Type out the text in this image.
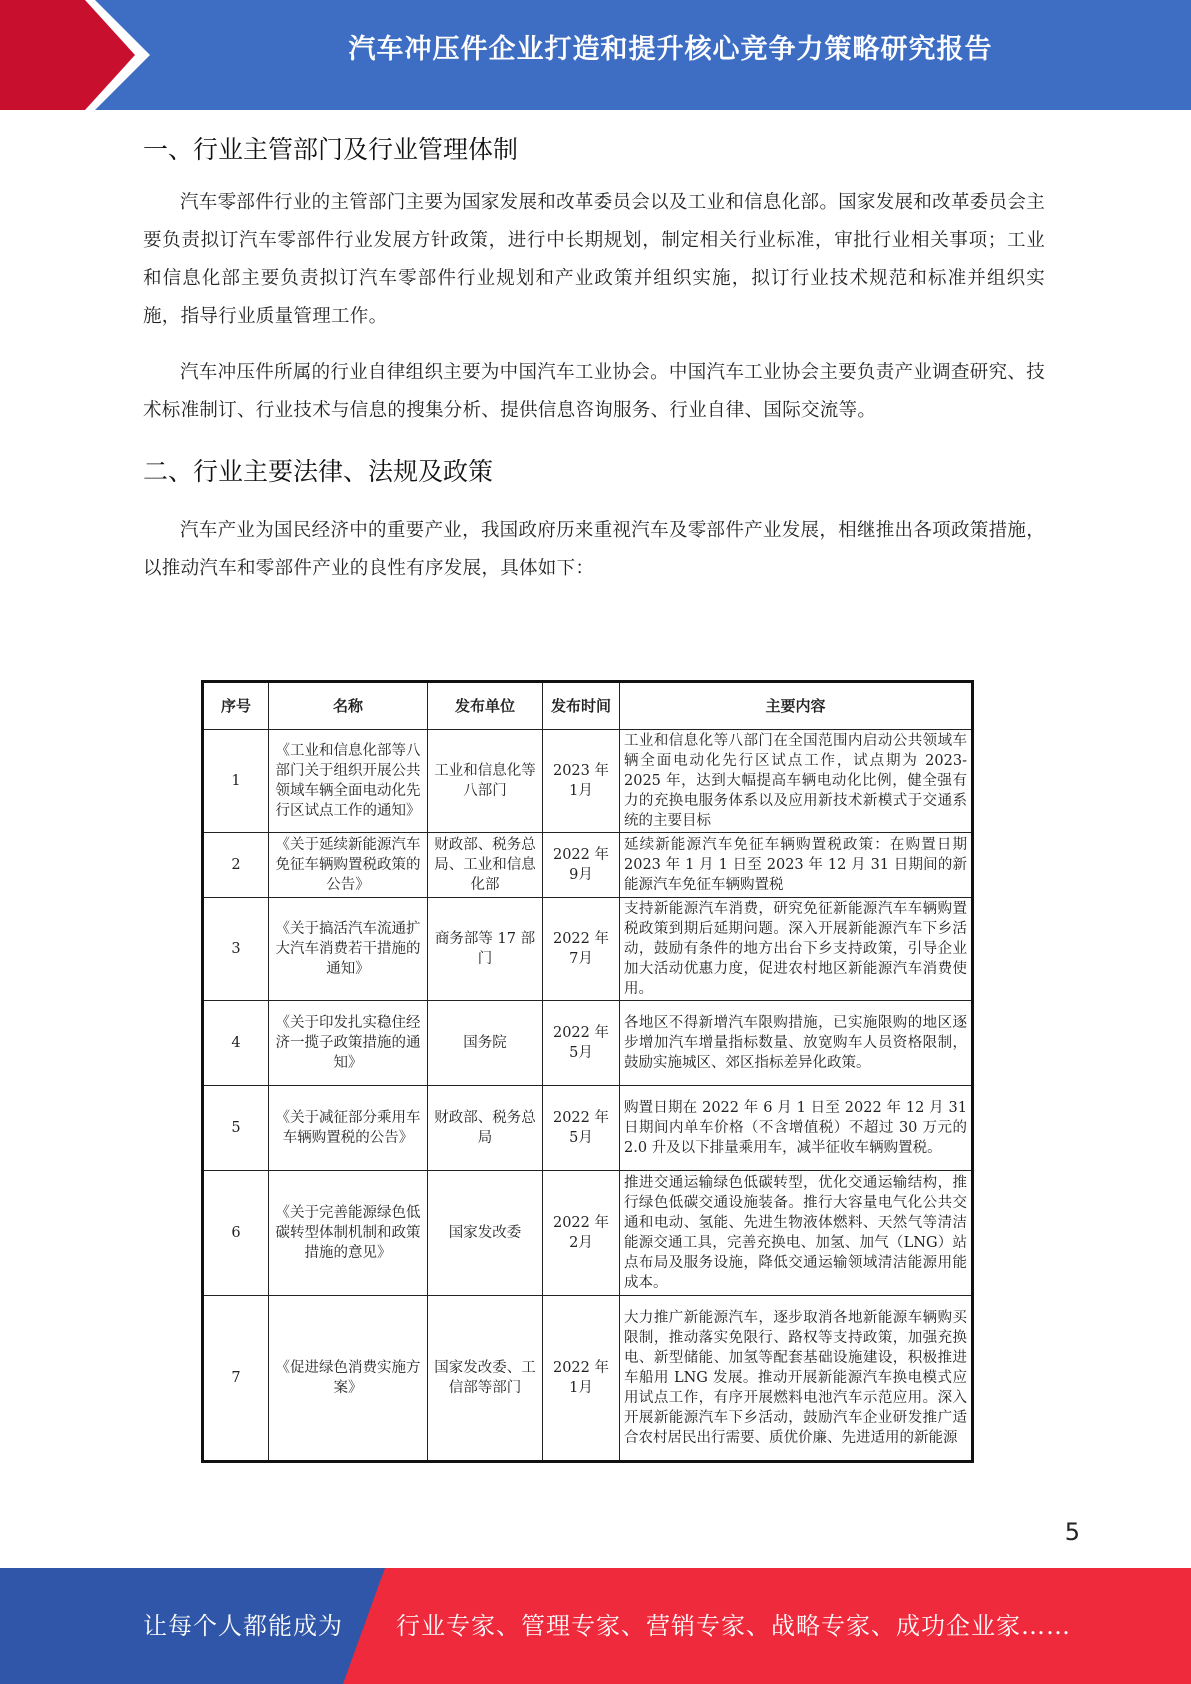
汽车冲压件企业打造和提升核心竞争力策略研究报告
一、行业主管部门及行业管理体制

汽车零部件行业的主管部门主要为国家发展和改革委员会以及工业和信息化部。国家发展和改革委员会主要负责拟订汽车零部件行业发展方针政策，进行中长期规划，制定相关行业标准，审批行业相关事项；工业和信息化部主要负责拟订汽车零部件行业规划和产业政策并组织实施，拟订行业技术规范和标准并组织实施，指导行业质量管理工作。

汽车冲压件所属的行业自律组织主要为中国汽车工业协会。中国汽车工业协会主要负责产业调查研究、技术标准制订、行业技术与信息的搜集分析、提供信息咨询服务、行业自律、国际交流等。

二、行业主要法律、法规及政策

汽车产业为国民经济中的重要产业，我国政府历来重视汽车及零部件产业发展，相继推出各项政策措施，以推动汽车和零部件产业的良性有序发展，具体如下：

序号	名称	发布单位	发布时间	主要内容
1	《工业和信息化部等八部门关于组织开展公共领域车辆全面电动化先行区试点工作的通知》	工业和信息化等八部门	2023 年 1月	工业和信息化等八部门在全国范围内启动公共领域车辆全面电动化先行区试点工作，试点期为 2023-2025 年，达到大幅提高车辆电动化比例，健全强有力的充换电服务体系以及应用新技术新模式于交通系统的主要目标
2	《关于延续新能源汽车免征车辆购置税政策的公告》	财政部、税务总局、工业和信息化部	2022 年 9月	延续新能源汽车免征车辆购置税政策：在购置日期 2023 年 1 月 1 日至 2023 年 12 月 31 日期间的新能源汽车免征车辆购置税
3	《关于搞活汽车流通扩大汽车消费若干措施的通知》	商务部等 17 部门	2022 年 7月	支持新能源汽车消费，研究免征新能源汽车车辆购置税政策到期后延期问题。深入开展新能源汽车下乡活动，鼓励有条件的地方出台下乡支持政策，引导企业加大活动优惠力度，促进农村地区新能源汽车消费使用。
4	《关于印发扎实稳住经济一揽子政策措施的通知》	国务院	2022 年 5月	各地区不得新增汽车限购措施，已实施限购的地区逐步增加汽车增量指标数量、放宽购车人员资格限制，鼓励实施城区、郊区指标差异化政策。
5	《关于减征部分乘用车车辆购置税的公告》	财政部、税务总局	2022 年 5月	购置日期在 2022 年 6 月 1 日至 2022 年 12 月 31 日期间内单车价格（不含增值税）不超过 30 万元的 2.0 升及以下排量乘用车，减半征收车辆购置税。
6	《关于完善能源绿色低碳转型体制机制和政策措施的意见》	国家发改委	2022 年 2月	推进交通运输绿色低碳转型，优化交通运输结构，推行绿色低碳交通设施装备。推行大容量电气化公共交通和电动、氢能、先进生物液体燃料、天然气等清洁能源交通工具，完善充换电、加氢、加气（LNG）站点布局及服务设施，降低交通运输领域清洁能源用能成本。
7	《促进绿色消费实施方案》	国家发改委、工信部等部门	2022 年 1月	大力推广新能源汽车，逐步取消各地新能源车辆购买限制，推动落实免限行、路权等支持政策，加强充换电、新型储能、加氢等配套基础设施建设，积极推进车船用 LNG 发展。推动开展新能源汽车换电模式应用试点工作，有序开展燃料电池汽车示范应用。深入开展新能源汽车下乡活动，鼓励汽车企业研发推广适合农村居民出行需要、质优价廉、先进适用的新能源
5
让每个人都能成为 行业专家、管理专家、营销专家、战略专家、成功企业家……
